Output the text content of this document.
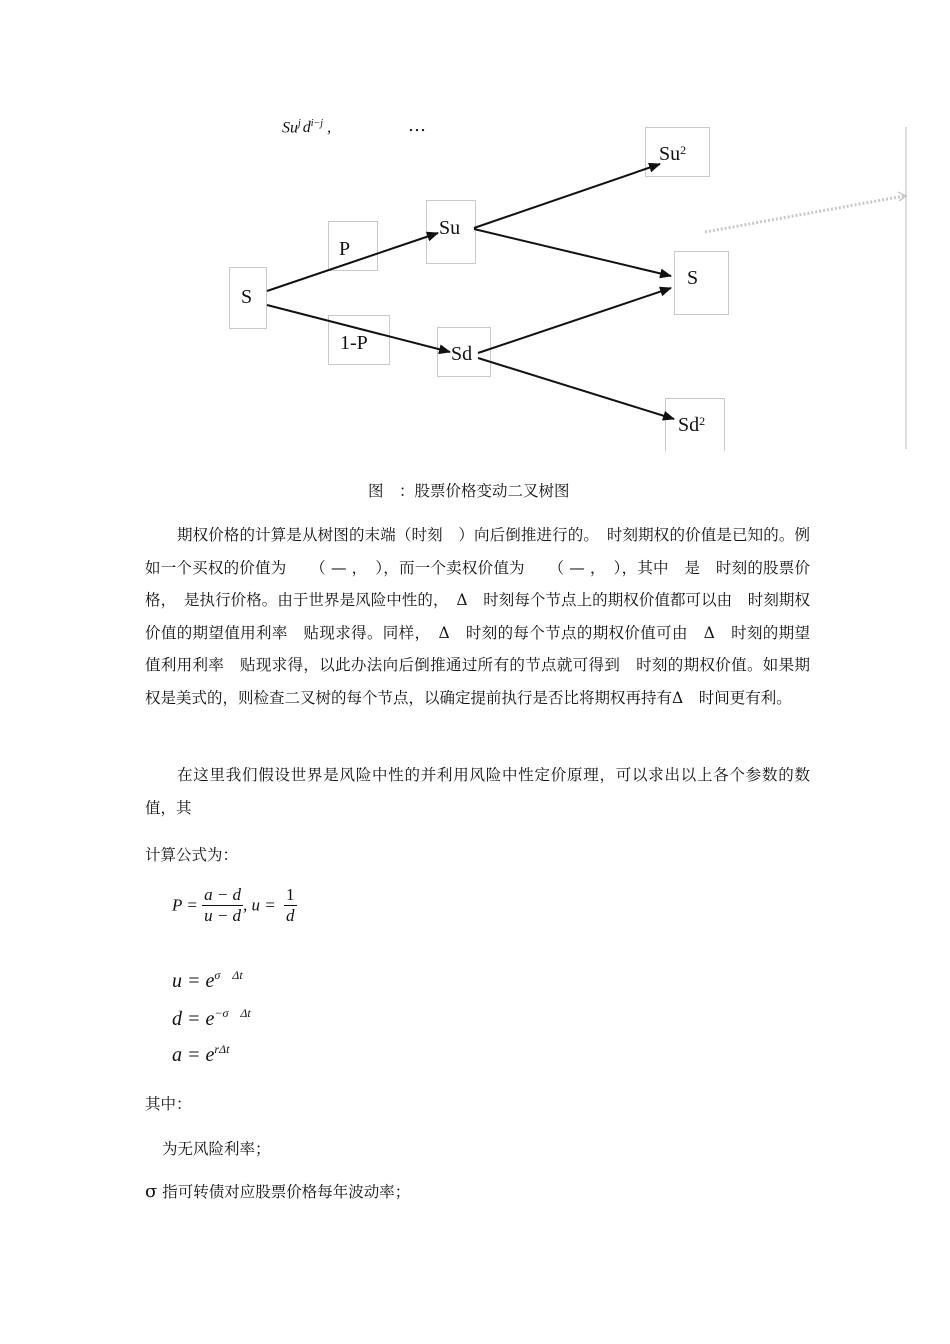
Su$^j$ $d^{i-j}$ ,	…
S
P
1-P
Su
Sd
Su$^2$
S
Sd$^2$
图　：股票价格变动二叉树图
期权价格的计算是从树图的末端（时刻　）向后倒推进行的。　时刻期权的价值是已知的。例如一个买权的价值为　　（ — ，　），而一个卖权价值为　　（ — ，　），其中　是　时刻的股票价格，　是执行价格。由于世界是风险中性的，　Δ　时刻每个节点上的期权价值都可以由　时刻期权价值的期望值用利率　贴现求得。同样，　Δ　时刻的每个节点的期权价值可由　Δ　时刻的期望值利用利率　贴现求得，以此办法向后倒推通过所有的节点就可得到　时刻的期权价值。如果期权是美式的，则检查二叉树的每个节点，以确定提前执行是否比将期权再持有Δ　时间更有利。
在这里我们假设世界是风险中性的并利用风险中性定价原理，可以求出以上各个参数的数值，其
计算公式为：
$P = \frac{a - d}{u - d}$ , $u = \frac{1}{d}$
$u = e^{\sigma \Delta t}$
$d = e^{-\sigma \Delta t}$
$a = e^{r\Delta t}$
其中：
为无风险利率；
σ 指可转债对应股票价格每年波动率；
